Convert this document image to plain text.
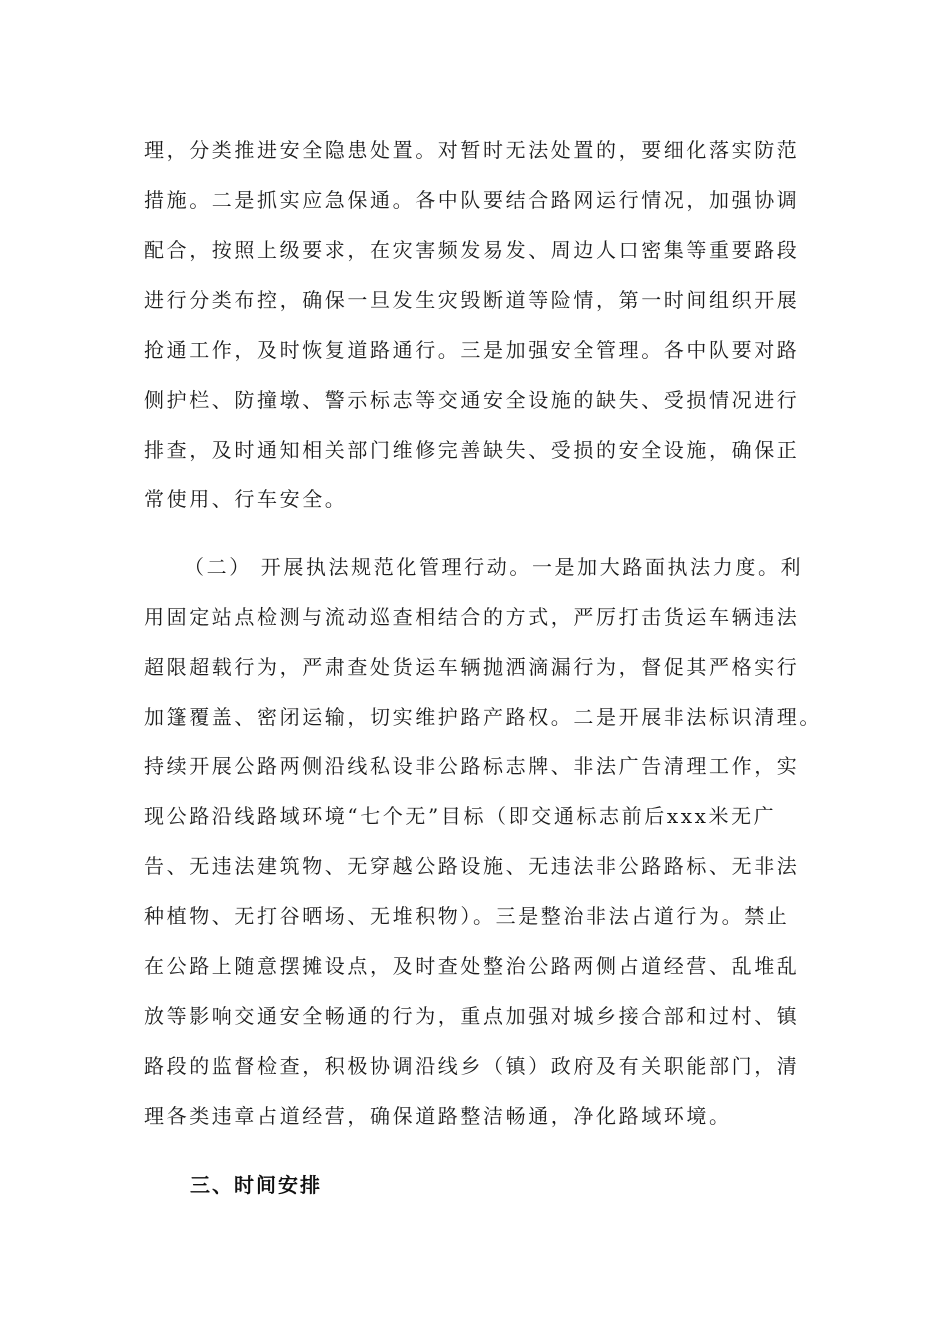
理，分类推进安全隐患处置。对暂时无法处置的，要细化落实防范
措施。二是抓实应急保通。各中队要结合路网运行情况，加强协调
配合，按照上级要求，在灾害频发易发、周边人口密集等重要路段
进行分类布控，确保一旦发生灾毁断道等险情，第一时间组织开展
抢通工作，及时恢复道路通行。三是加强安全管理。各中队要对路
侧护栏、防撞墩、警示标志等交通安全设施的缺失、受损情况进行
排查，及时通知相关部门维修完善缺失、受损的安全设施，确保正
常使用、行车安全。
（二） 开展执法规范化管理行动。一是加大路面执法力度。利
用固定站点检测与流动巡查相结合的方式，严厉打击货运车辆违法
超限超载行为，严肃查处货运车辆抛洒滴漏行为，督促其严格实行
加篷覆盖、密闭运输，切实维护路产路权。二是开展非法标识清理。
持续开展公路两侧沿线私设非公路标志牌、非法广告清理工作，实
现公路沿线路域环境“七个无”目标（即交通标志前后xxx米无广
告、无违法建筑物、无穿越公路设施、无违法非公路路标、无非法
种植物、无打谷晒场、无堆积物）。三是整治非法占道行为。禁止
在公路上随意摆摊设点，及时查处整治公路两侧占道经营、乱堆乱
放等影响交通安全畅通的行为，重点加强对城乡接合部和过村、镇
路段的监督检查，积极协调沿线乡（镇）政府及有关职能部门，清
理各类违章占道经营，确保道路整洁畅通，净化路域环境。
三、时间安排
